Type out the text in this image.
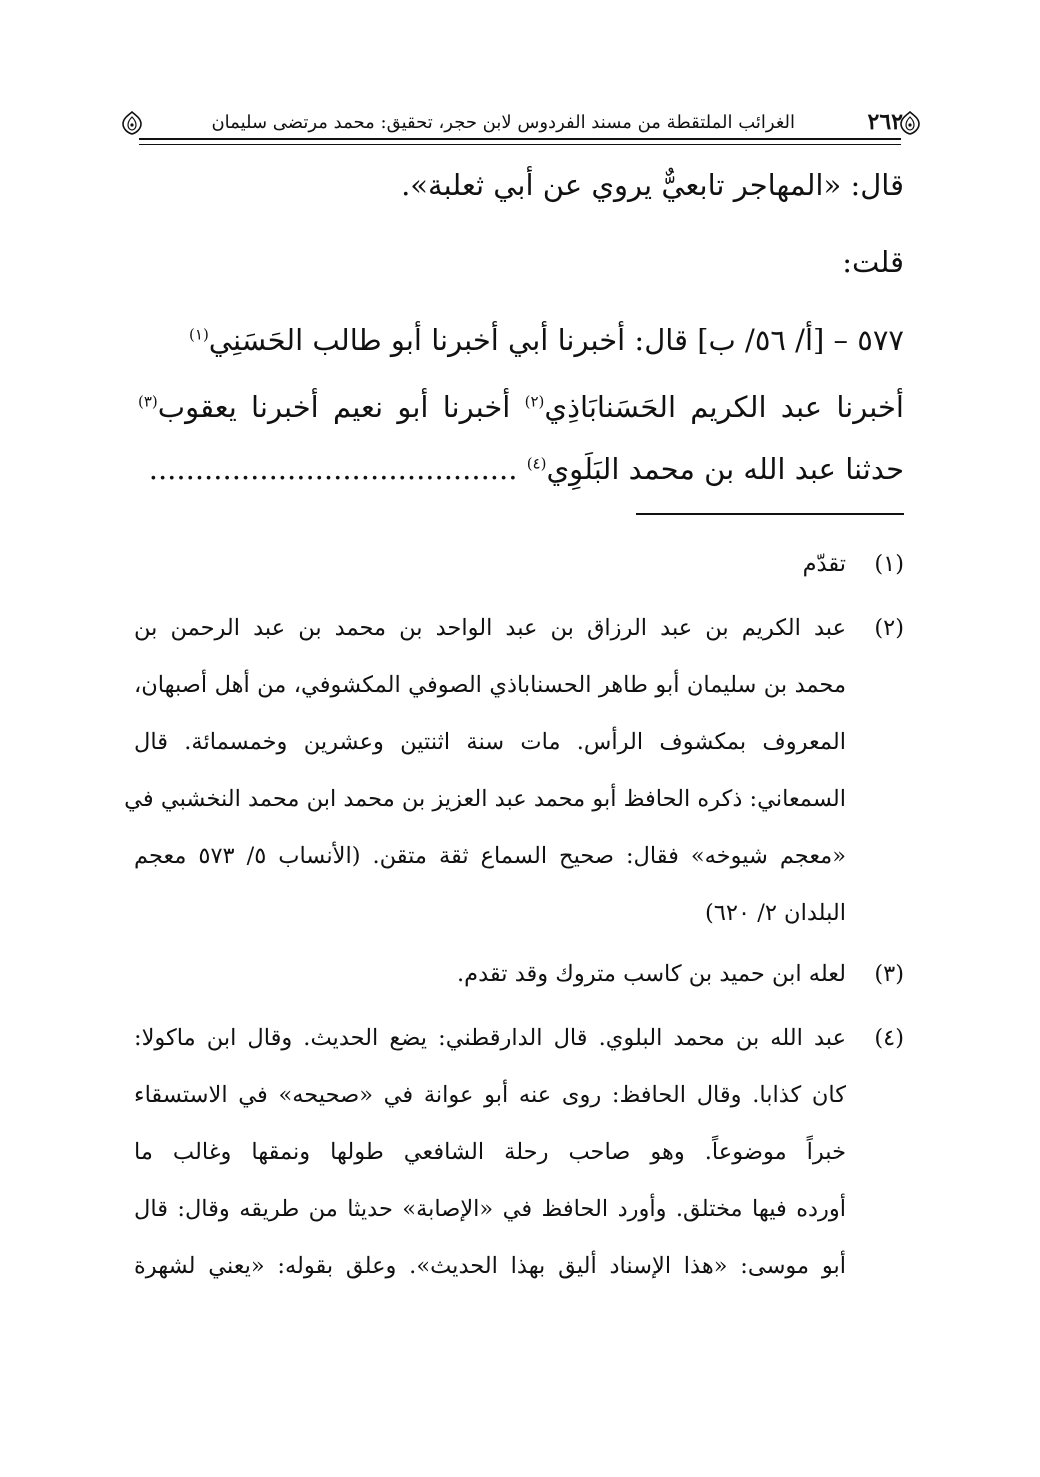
٢٦٢
الغرائب الملتقطة من مسند الفردوس لابن حجر، تحقيق: محمد مرتضى سليمان
قال: «المهاجر تابعيٌّ يروي عن أبي ثعلبة».
قلت:
٥٧٧ – [أ/ ٥٦/ ب] قال: أخبرنا أبي أخبرنا أبو طالب الحَسَنِي$^{(١)}$
أخبرنا عبد الكريم الحَسَنابَاذِي$^{(٢)}$ أخبرنا أبو نعيم أخبرنا يعقوب$^{(٣)}$
حدثنا عبد الله بن محمد البَلَوِي$^{(٤)}$ ........................................
(١)
تقدّم
(٢)
عبد الكريم بن عبد الرزاق بن عبد الواحد بن محمد بن عبد الرحمن بن
محمد بن سليمان أبو طاهر الحسناباذي الصوفي المكشوفي، من أهل أصبهان،
المعروف بمكشوف الرأس. مات سنة اثنتين وعشرين وخمسمائة. قال
السمعاني: ذكره الحافظ أبو محمد عبد العزيز بن محمد ابن محمد النخشبي في
«معجم شيوخه» فقال: صحيح السماع ثقة متقن. (الأنساب ٥/ ٥٧٣ معجم
البلدان ٢/ ٦٢٠)
(٣)
لعله ابن حميد بن كاسب متروك وقد تقدم.
(٤)
عبد الله بن محمد البلوي. قال الدارقطني: يضع الحديث. وقال ابن ماكولا:
كان كذابا. وقال الحافظ: روى عنه أبو عوانة في «صحيحه» في الاستسقاء
خبراً موضوعاً. وهو صاحب رحلة الشافعي طولها ونمقها وغالب ما
أورده فيها مختلق. وأورد الحافظ في «الإصابة» حديثا من طريقه وقال: قال
أبو موسى: «هذا الإسناد أليق بهذا الحديث». وعلق بقوله: «يعني لشهرة
